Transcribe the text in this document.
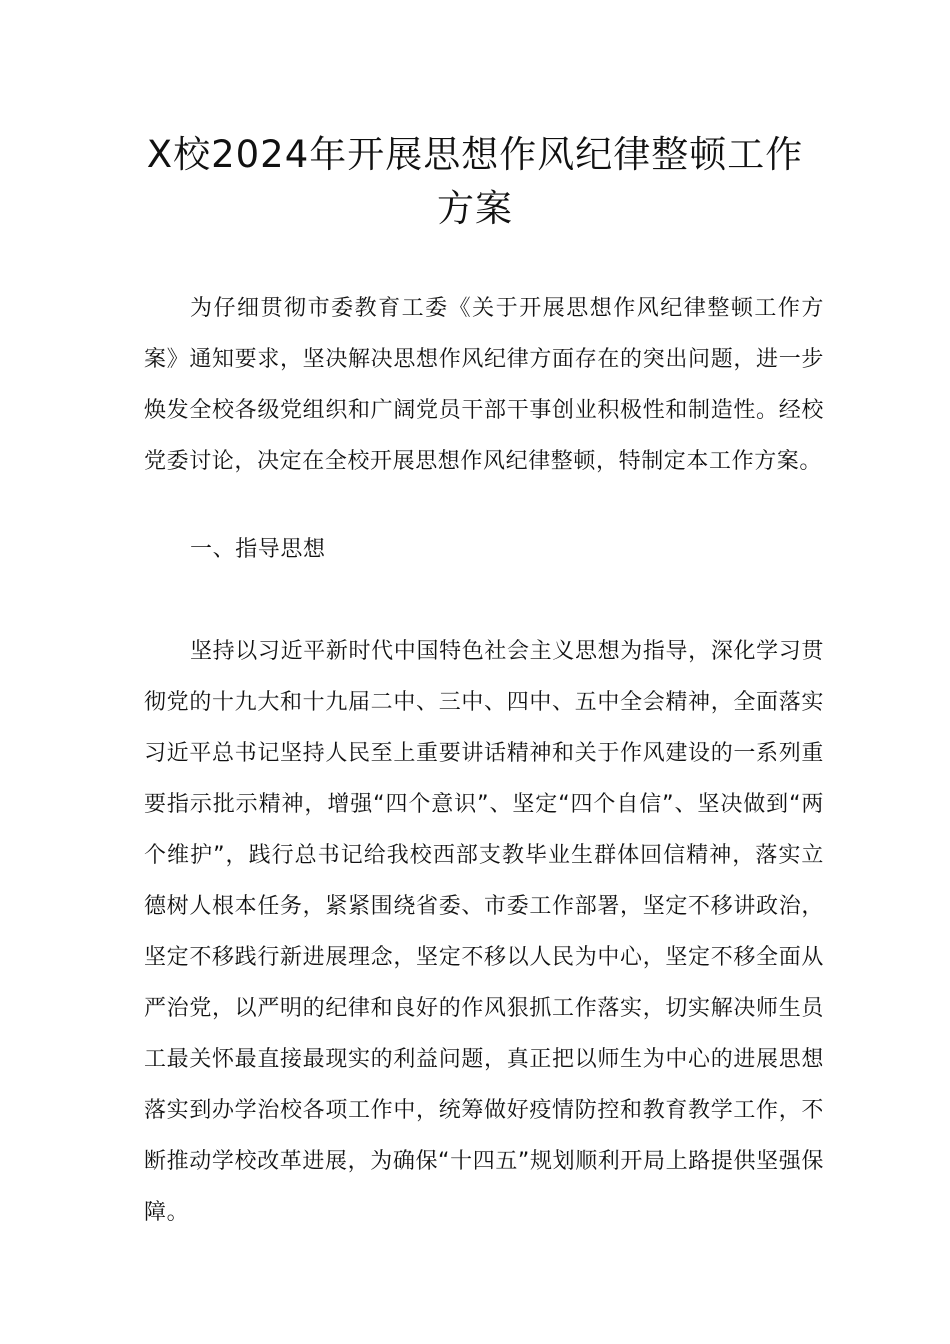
X校2024年开展思想作风纪律整顿工作
方案

为仔细贯彻市委教育工委《关于开展思想作风纪律整顿工作方案》通知要求，坚决解决思想作风纪律方面存在的突出问题，进一步焕发全校各级党组织和广阔党员干部干事创业积极性和制造性。经校党委讨论，决定在全校开展思想作风纪律整顿，特制定本工作方案。

一、指导思想

坚持以习近平新时代中国特色社会主义思想为指导，深化学习贯彻党的十九大和十九届二中、三中、四中、五中全会精神，全面落实习近平总书记坚持人民至上重要讲话精神和关于作风建设的一系列重要指示批示精神，增强“四个意识”、坚定“四个自信”、坚决做到“两个维护”，践行总书记给我校西部支教毕业生群体回信精神，落实立德树人根本任务，紧紧围绕省委、市委工作部署，坚定不移讲政治，坚定不移践行新进展理念，坚定不移以人民为中心，坚定不移全面从严治党，以严明的纪律和良好的作风狠抓工作落实，切实解决师生员工最关怀最直接最现实的利益问题，真正把以师生为中心的进展思想落实到办学治校各项工作中，统筹做好疫情防控和教育教学工作，不断推动学校改革进展，为确保“十四五”规划顺利开局上路提供坚强保障。
